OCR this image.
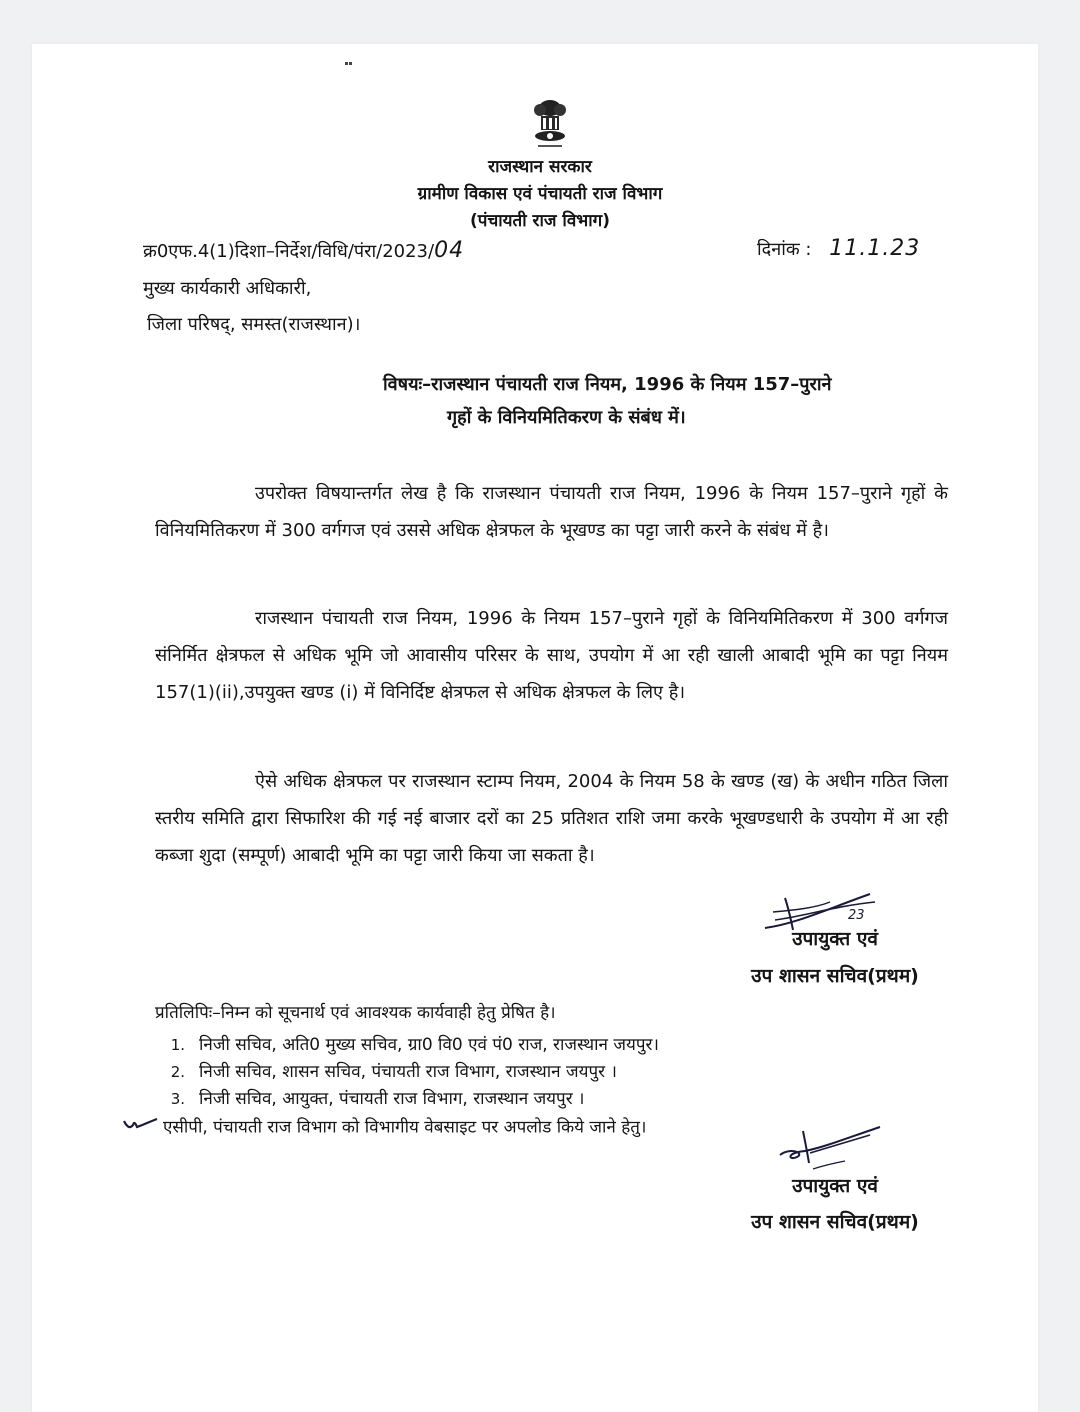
राजस्थान सरकार
ग्रामीण विकास एवं पंचायती राज विभाग
(पंचायती राज विभाग)
क्र0एफ.4(1)दिशा–निर्देश/विधि/पंरा/2023/04	दिनांक : 11.1.23
मुख्य कार्यकारी अधिकारी,
जिला परिषद्, समस्त(राजस्थान)।
विषयः–राजस्थान पंचायती राज नियम, 1996 के नियम 157–पुराने
गृहों के विनियमितिकरण के संबंध में।
उपरोक्त विषयान्तर्गत लेख है कि राजस्थान पंचायती राज नियम, 1996 के नियम 157–पुराने गृहों के विनियमितिकरण में 300 वर्गगज एवं उससे अधिक क्षेत्रफल के भूखण्ड का पट्टा जारी करने के संबंध में है।
राजस्थान पंचायती राज नियम, 1996 के नियम 157–पुराने गृहों के विनियमितिकरण में 300 वर्गगज संनिर्मित क्षेत्रफल से अधिक भूमि जो आवासीय परिसर के साथ, उपयोग में आ रही खाली आबादी भूमि का पट्टा नियम 157(1)(ii),उपयुक्त खण्ड (i) में विनिर्दिष्ट क्षेत्रफल से अधिक क्षेत्रफल के लिए है।
ऐसे अधिक क्षेत्रफल पर राजस्थान स्टाम्प नियम, 2004 के नियम 58 के खण्ड (ख) के अधीन गठित जिला स्तरीय समिति द्वारा सिफारिश की गई नई बाजार दरों का 25 प्रतिशत राशि जमा करके भूखण्डधारी के उपयोग में आ रही कब्जा शुदा (सम्पूर्ण) आबादी भूमि का पट्टा जारी किया जा सकता है।
23
उपायुक्त एवं
उप शासन सचिव(प्रथम)
प्रतिलिपिः–निम्न को सूचनार्थ एवं आवश्यक कार्यवाही हेतु प्रेषित है।
1. निजी सचिव, अति0 मुख्य सचिव, ग्रा0 वि0 एवं पं0 राज, राजस्थान जयपुर।
2. निजी सचिव, शासन सचिव, पंचायती राज विभाग, राजस्थान जयपुर ।
3. निजी सचिव, आयुक्त, पंचायती राज विभाग, राजस्थान जयपुर ।
एसीपी, पंचायती राज विभाग को विभागीय वेबसाइट पर अपलोड किये जाने हेतु।
उपायुक्त एवं
उप शासन सचिव(प्रथम)
